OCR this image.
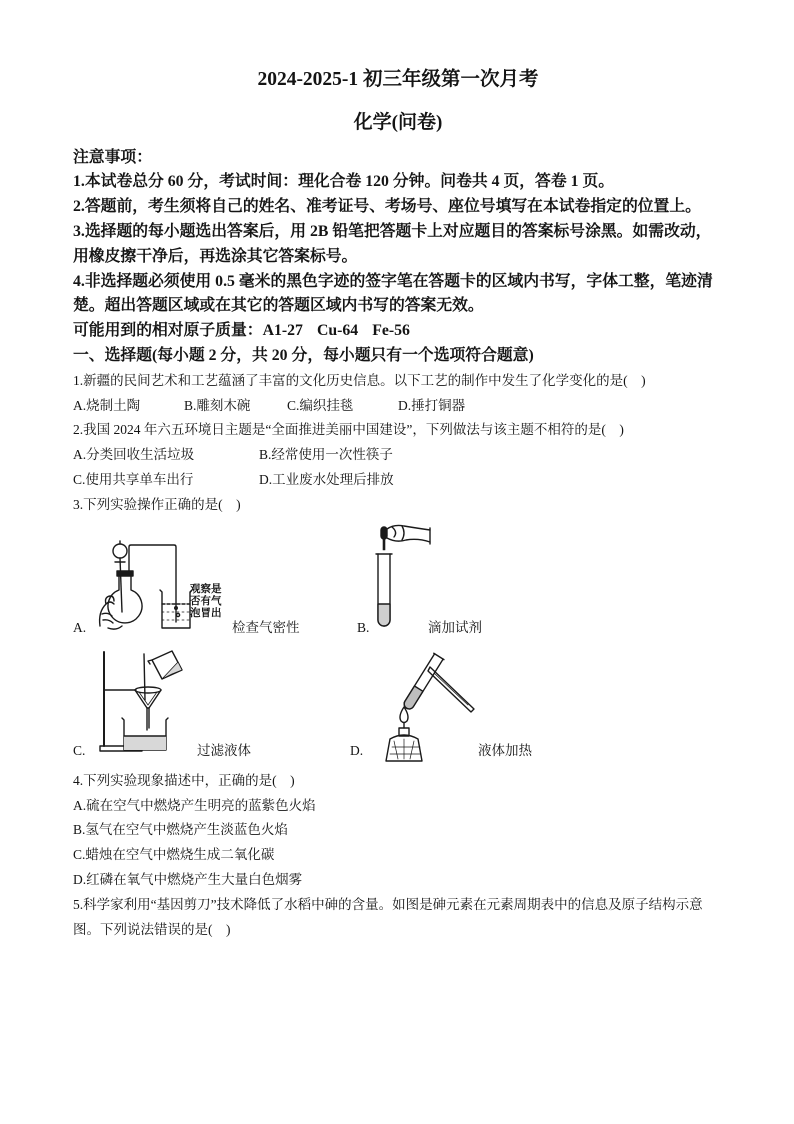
2024-2025-1 初三年级第一次月考
化学(问卷)
注意事项：
1.本试卷总分 60 分，考试时间：理化合卷 120 分钟。问卷共 4 页，答卷 1 页。
2.答题前，考生须将自己的姓名、准考证号、考场号、座位号填写在本试卷指定的位置上。
3.选择题的每小题选出答案后，用 2B 铅笔把答题卡上对应题目的答案标号涂黑。如需改动，
用橡皮擦干净后，再选涂其它答案标号。
4.非选择题必须使用 0.5 毫米的黑色字迹的签字笔在答题卡的区域内书写，字体工整，笔迹清
楚。超出答题区域或在其它的答题区域内书写的答案无效。
可能用到的相对原子质量：A1-27 Cu-64 Fe-56
一、选择题(每小题 2 分，共 20 分，每小题只有一个选项符合题意)
1.新疆的民间艺术和工艺蕴涵了丰富的文化历史信息。以下工艺的制作中发生了化学变化的是(    )
A.烧制土陶	B.雕刻木碗	C.编织挂毯	D.捶打铜器
2.我国 2024 年六五环境日主题是“全面推进美丽中国建设”，下列做法与该主题不相符的是(    )
A.分类回收生活垃圾	B.经常使用一次性筷子
C.使用共享单车出行	D.工业废水处理后排放
3.下列实验操作正确的是(    )
观察是
否有气
泡冒出
A.	检查气密性	B.	滴加试剂
C.	过滤液体	D.	液体加热
4.下列实验现象描述中，正确的是(    )
A.硫在空气中燃烧产生明亮的蓝紫色火焰
B.氢气在空气中燃烧产生淡蓝色火焰
C.蜡烛在空气中燃烧生成二氧化碳
D.红磷在氧气中燃烧产生大量白色烟雾
5.科学家利用“基因剪刀”技术降低了水稻中砷的含量。如图是砷元素在元素周期表中的信息及原子结构示意
图。下列说法错误的是(    )
